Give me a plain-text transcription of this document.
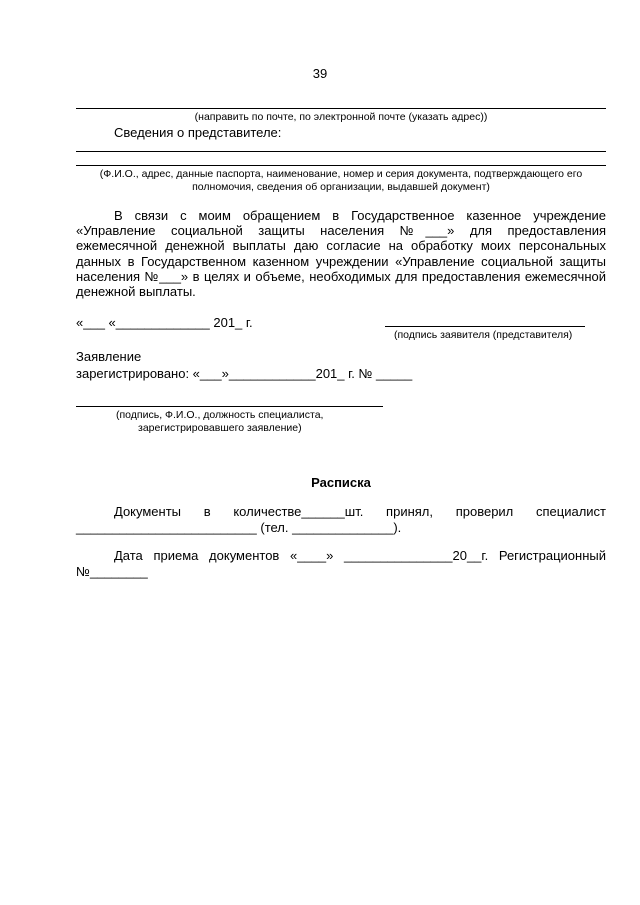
39
(направить по почте, по электронной почте (указать адрес))
Сведения о представителе:
(Ф.И.О., адрес, данные паспорта, наименование, номер и серия документа, подтверждающего его
полномочия, сведения об организации, выдавшей документ)
В связи с моим обращением в Государственное казенное учреждение «Управление социальной защиты населения №___» для предоставления ежемесячной денежной выплаты даю согласие на обработку моих персональных данных в Государственном казенном учреждении «Управление социальной защиты населения №___» в целях и объеме, необходимых для предоставления ежемесячной денежной выплаты.
«___ «_____________ 201_ г.
(подпись заявителя (представителя)
Заявление
зарегистрировано: «___»____________201_ г. № _____
(подпись, Ф.И.О., должность специалиста,
зарегистрировавшего заявление)
Расписка
Документы в количестве______шт. принял, проверил специалист
_________________________ (тел. ______________).
Дата приема документов «____» _______________20__г. Регистрационный
№________
